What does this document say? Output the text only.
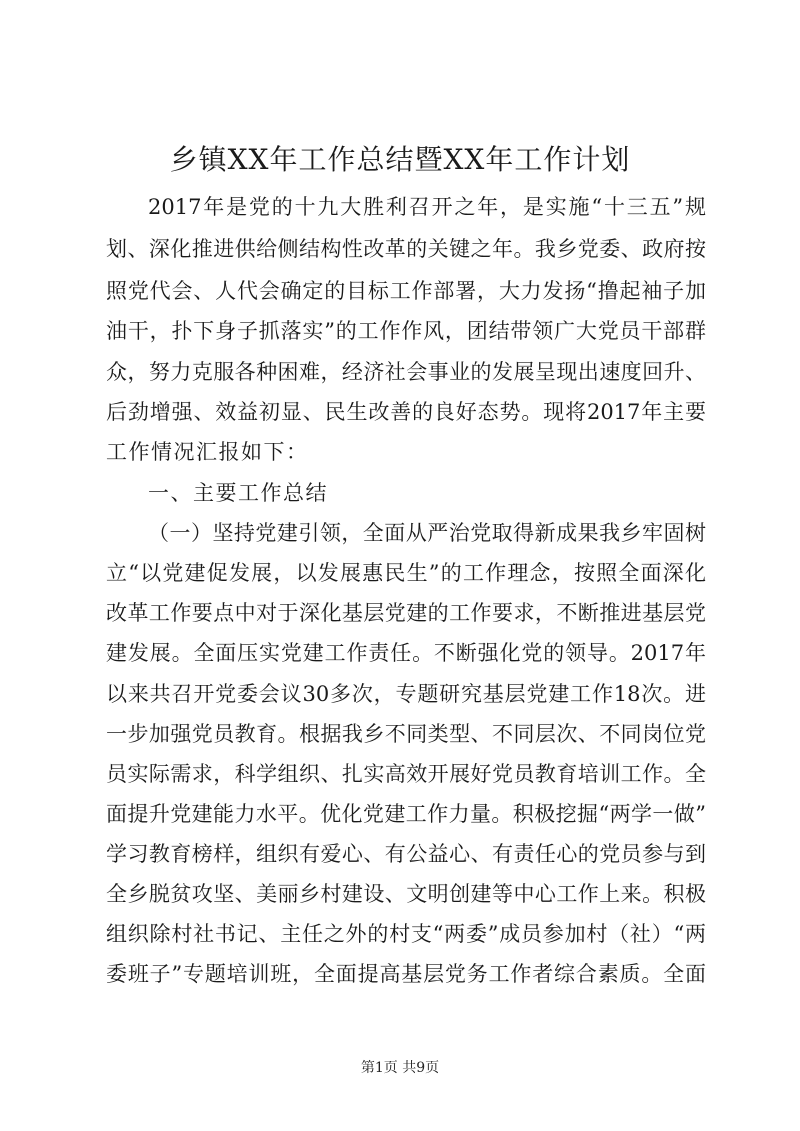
乡镇XX年工作总结暨XX年工作计划
2017年是党的十九大胜利召开之年，是实施“十三五”规
划、深化推进供给侧结构性改革的关键之年。我乡党委、政府按
照党代会、人代会确定的目标工作部署，大力发扬“撸起袖子加
油干，扑下身子抓落实”的工作作风，团结带领广大党员干部群
众，努力克服各种困难，经济社会事业的发展呈现出速度回升、
后劲增强、效益初显、民生改善的良好态势。现将2017年主要
工作情况汇报如下：
一、主要工作总结
（一）坚持党建引领，全面从严治党取得新成果我乡牢固树
立“以党建促发展，以发展惠民生”的工作理念，按照全面深化
改革工作要点中对于深化基层党建的工作要求，不断推进基层党
建发展。全面压实党建工作责任。不断强化党的领导。2017年
以来共召开党委会议30多次，专题研究基层党建工作18次。进
一步加强党员教育。根据我乡不同类型、不同层次、不同岗位党
员实际需求，科学组织、扎实高效开展好党员教育培训工作。全
面提升党建能力水平。优化党建工作力量。积极挖掘“两学一做”
学习教育榜样，组织有爱心、有公益心、有责任心的党员参与到
全乡脱贫攻坚、美丽乡村建设、文明创建等中心工作上来。积极
组织除村社书记、主任之外的村支“两委”成员参加村（社）“两
委班子”专题培训班，全面提高基层党务工作者综合素质。全面
第1页 共9页
